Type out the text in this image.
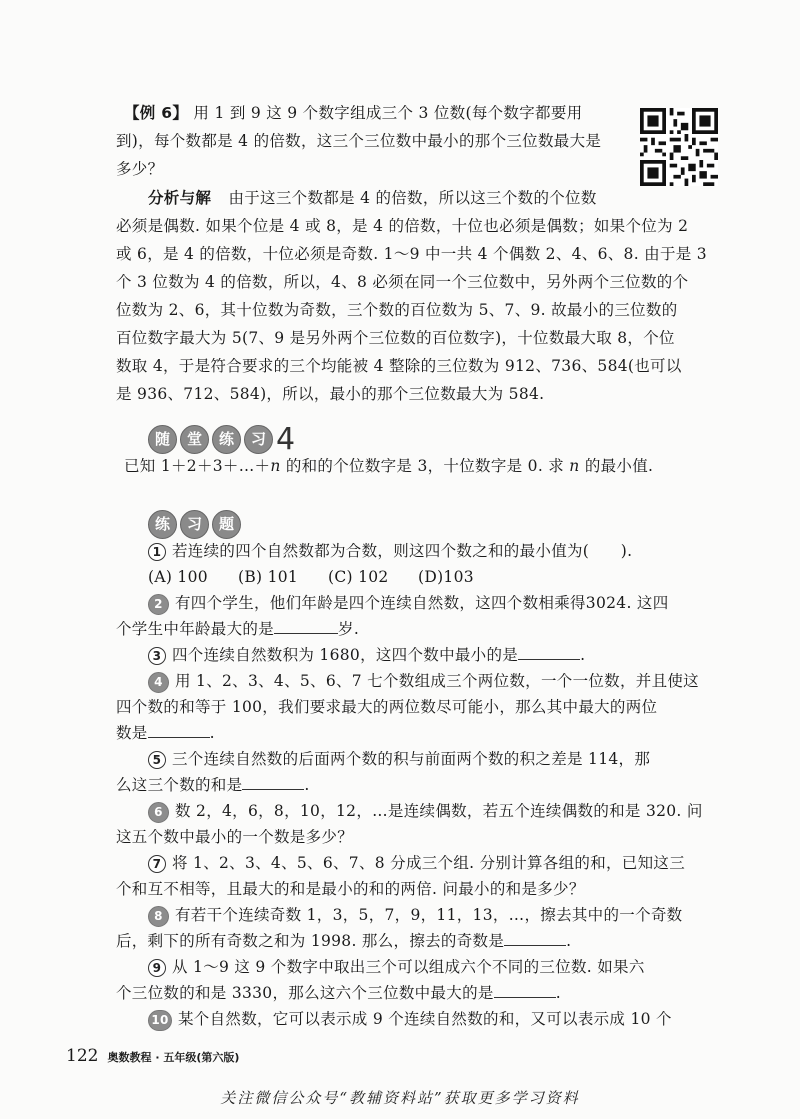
【例 6】 用 1 到 9 这 9 个数字组成三个 3 位数(每个数字都要用
到)，每个数都是 4 的倍数，这三个三位数中最小的那个三位数最大是
多少？
分析与解 由于这三个数都是 4 的倍数，所以这三个数的个位数
必须是偶数. 如果个位是 4 或 8，是 4 的倍数，十位也必须是偶数；如果个位为 2
或 6，是 4 的倍数，十位必须是奇数. 1～9 中一共 4 个偶数 2、4、6、8. 由于是 3
个 3 位数为 4 的倍数，所以，4、8 必须在同一个三位数中，另外两个三位数的个
位数为 2、6，其十位数为奇数，三个数的百位数为 5、7、9. 故最小的三位数的
百位数字最大为 5(7、9 是另外两个三位数的百位数字)，十位数最大取 8，个位
数取 4，于是符合要求的三个均能被 4 整除的三位数为 912、736、584(也可以
是 936、712、584)，所以，最小的那个三位数最大为 584.
随 堂 练 习 4
已知 1＋2＋3＋…＋n 的和的个位数字是 3，十位数字是 0. 求 n 的最小值.
练 习 题
1 若连续的四个自然数都为合数，则这四个数之和的最小值为(　　).
(A) 100 (B) 101 (C) 102 (D)103
2 有四个学生，他们年龄是四个连续自然数，这四个数相乘得3024. 这四
个学生中年龄最大的是	岁.
3 四个连续自然数积为 1680，这四个数中最小的是	.
4 用 1、2、3、4、5、6、7 七个数组成三个两位数，一个一位数，并且使这
四个数的和等于 100，我们要求最大的两位数尽可能小，那么其中最大的两位
数是	.
5 三个连续自然数的后面两个数的积与前面两个数的积之差是 114，那
么这三个数的和是	.
6 数 2，4，6，8，10，12，…是连续偶数，若五个连续偶数的和是 320. 问
这五个数中最小的一个数是多少？
7 将 1、2、3、4、5、6、7、8 分成三个组. 分别计算各组的和，已知这三
个和互不相等，且最大的和是最小的和的两倍. 问最小的和是多少？
8 有若干个连续奇数 1，3，5，7，9，11，13，…，擦去其中的一个奇数
后，剩下的所有奇数之和为 1998. 那么，擦去的奇数是	.
9 从 1～9 这 9 个数字中取出三个可以组成六个不同的三位数. 如果六
个三位数的和是 3330，那么这六个三位数中最大的是	.
10 某个自然数，它可以表示成 9 个连续自然数的和，又可以表示成 10 个
122 奥数教程 · 五年级(第六版)
关注微信公众号“教辅资料站”获取更多学习资料
